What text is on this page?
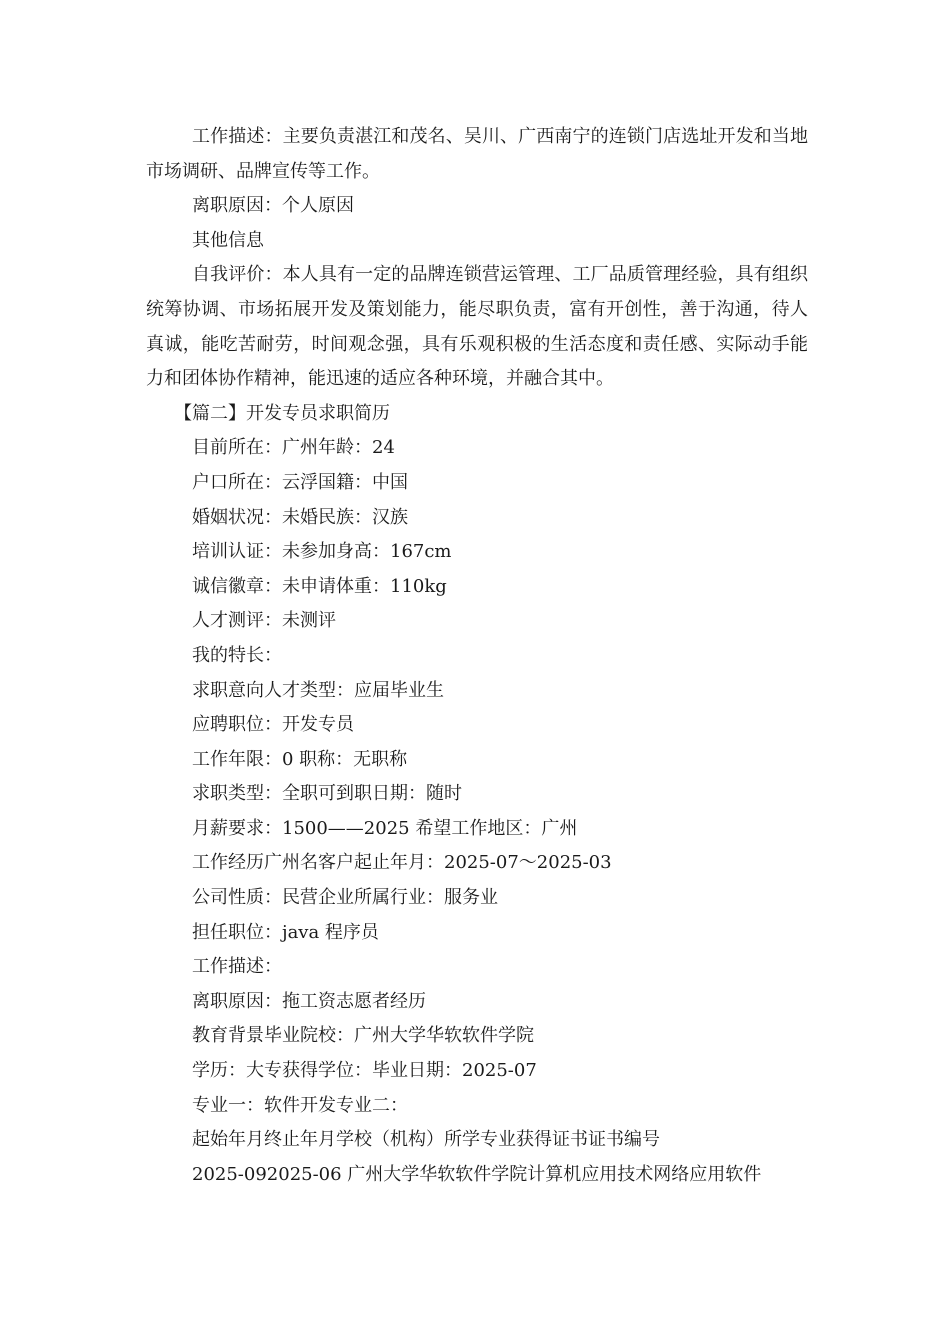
工作描述：主要负责湛江和茂名、吴川、广西南宁的连锁门店选址开发和当地市场调研、品牌宣传等工作。

离职原因：个人原因

其他信息

自我评价：本人具有一定的品牌连锁营运管理、工厂品质管理经验，具有组织统筹协调、市场拓展开发及策划能力，能尽职负责，富有开创性，善于沟通，待人真诚，能吃苦耐劳，时间观念强，具有乐观积极的生活态度和责任感、实际动手能力和团体协作精神，能迅速的适应各种环境，并融合其中。

【篇二】开发专员求职简历

目前所在：广州年龄：24

户口所在：云浮国籍：中国

婚姻状况：未婚民族：汉族

培训认证：未参加身高：167cm

诚信徽章：未申请体重：110kg

人才测评：未测评

我的特长：

求职意向人才类型：应届毕业生

应聘职位：开发专员

工作年限：0 职称：无职称

求职类型：全职可到职日期：随时

月薪要求：1500——2025 希望工作地区：广州

工作经历广州名客户起止年月：2025-07～2025-03

公司性质：民营企业所属行业：服务业

担任职位：java 程序员

工作描述：

离职原因：拖工资志愿者经历

教育背景毕业院校：广州大学华软软件学院

学历：大专获得学位：毕业日期：2025-07

专业一：软件开发专业二：

起始年月终止年月学校（机构）所学专业获得证书证书编号

2025-092025-06 广州大学华软软件学院计算机应用技术网络应用软件
